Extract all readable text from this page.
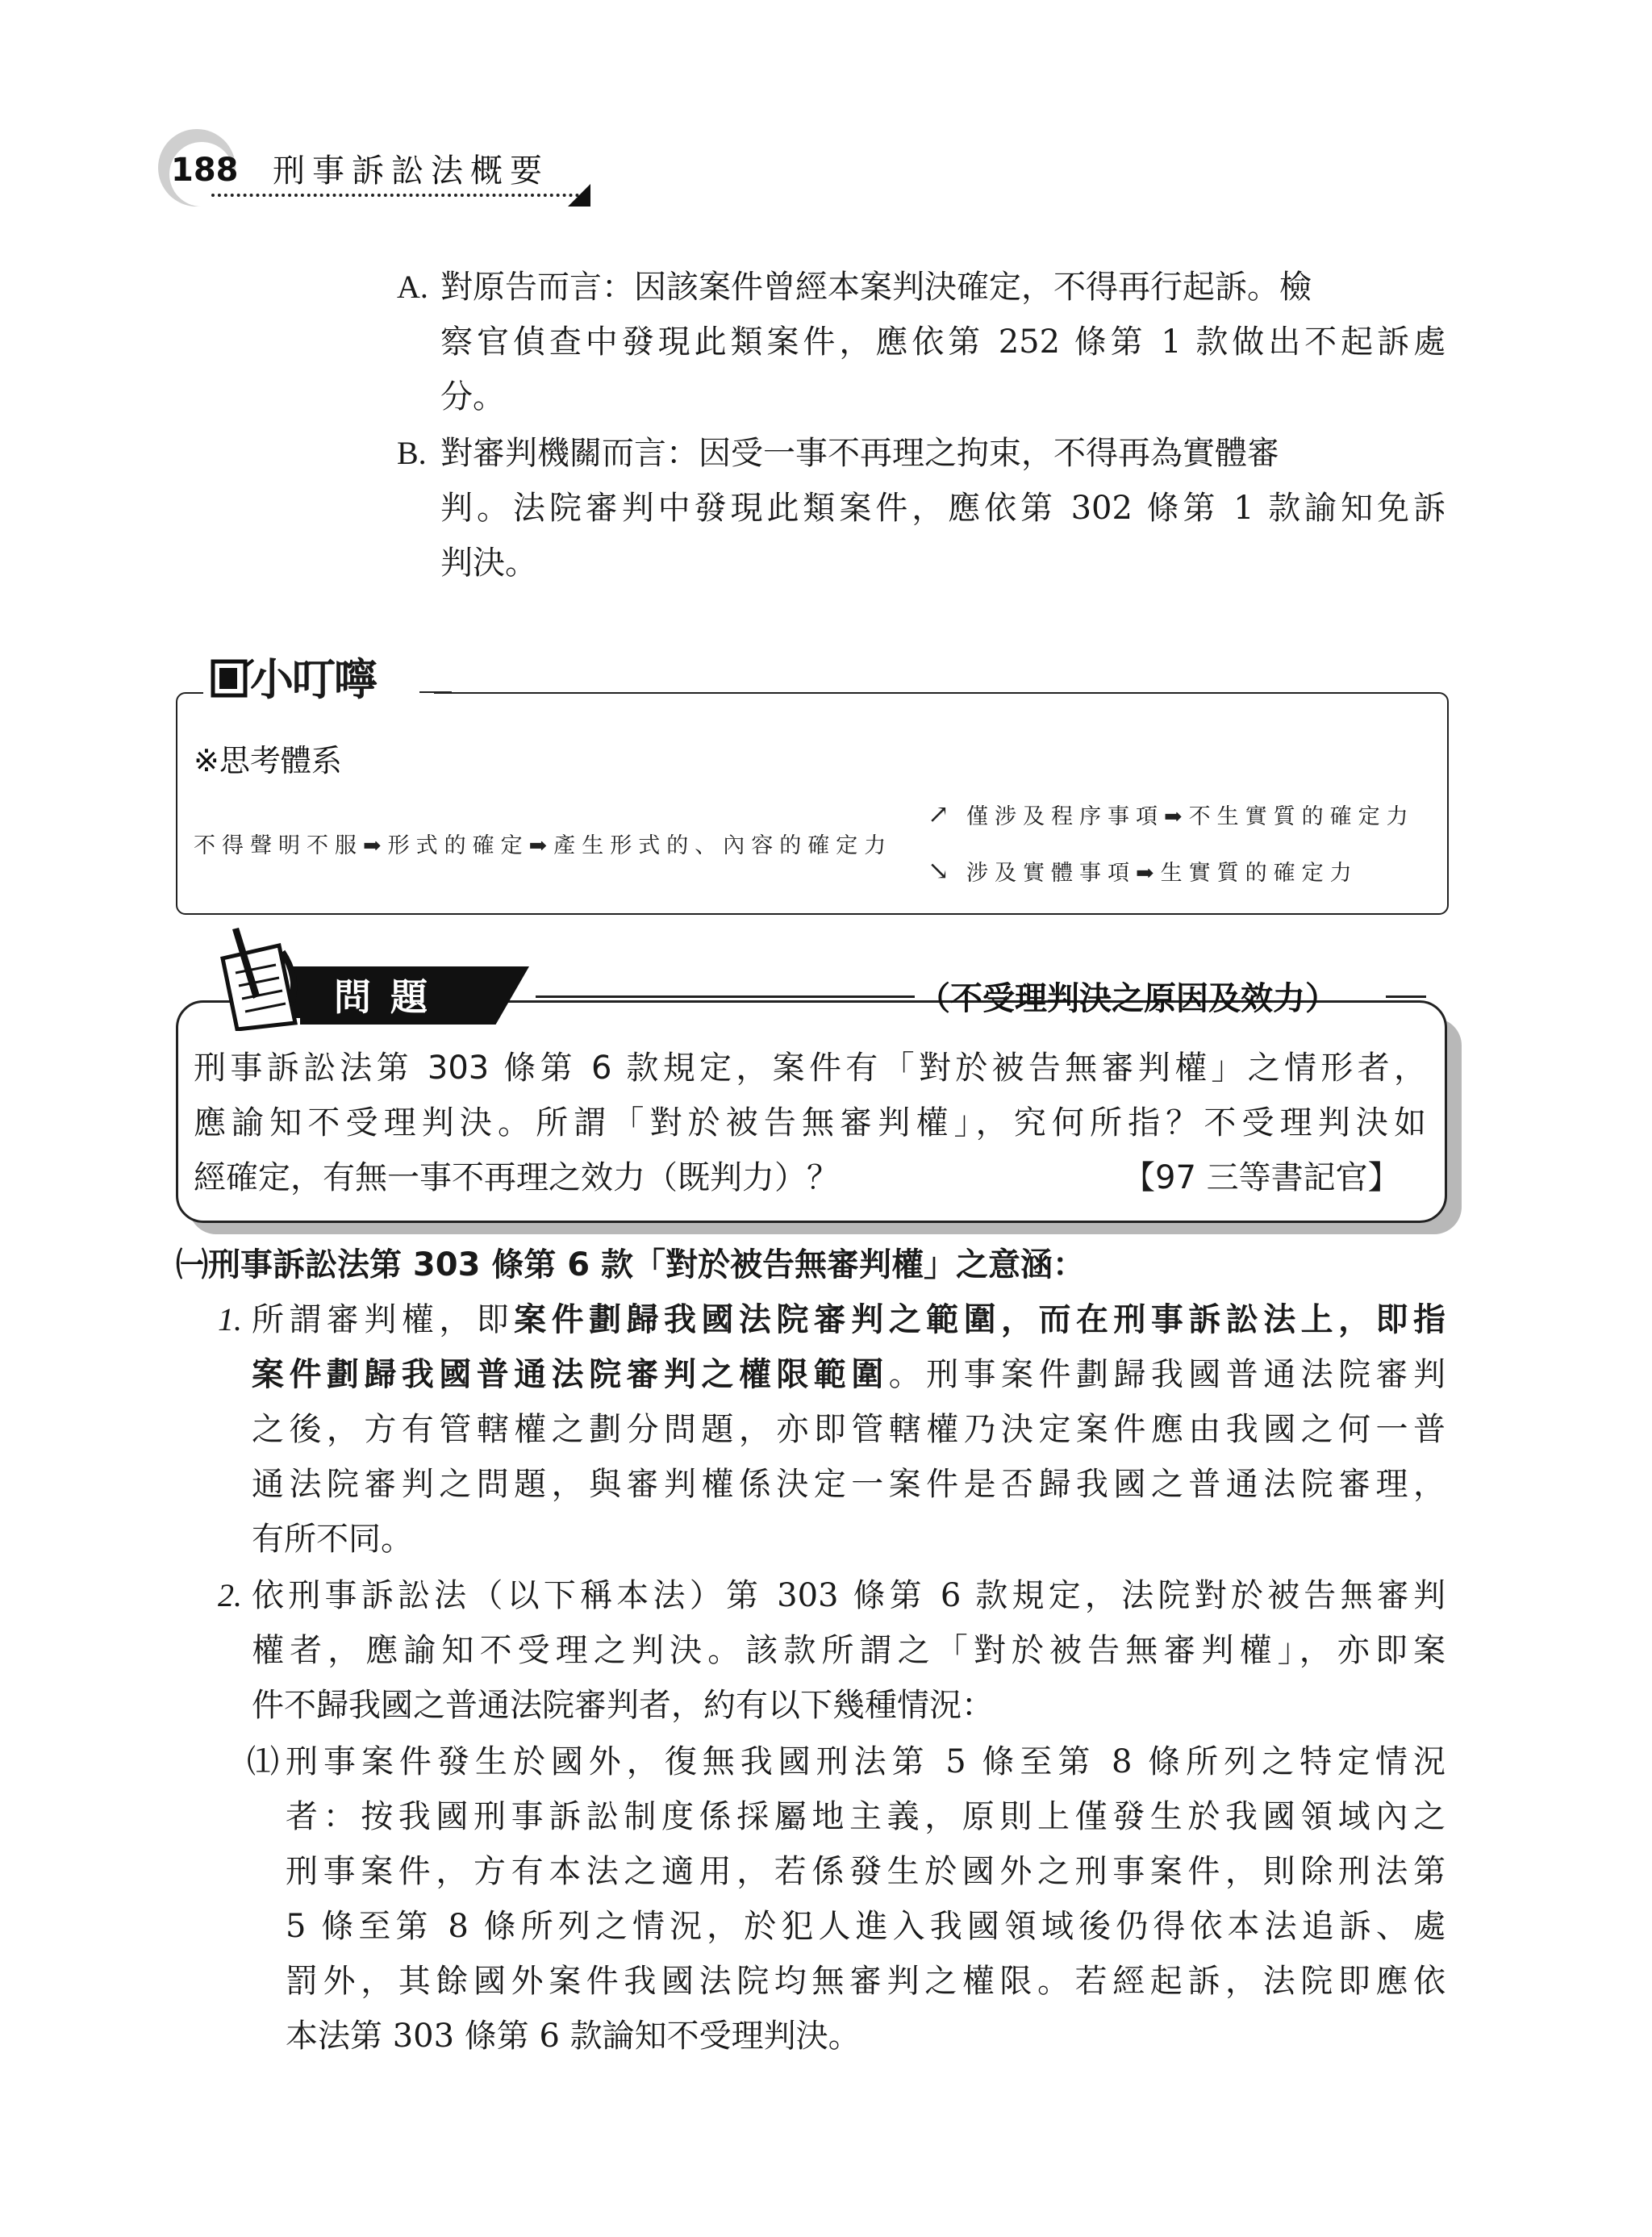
188 刑事訴訟法概要
A. 對原告而言：因該案件曾經本案判決確定，不得再行起訴。檢
察官偵查中發現此類案件，應依第 252 條第 1 款做出不起訴處
分。
B. 對審判機關而言：因受一事不再理之拘束，不得再為實體審
判。法院審判中發現此類案件，應依第 302 條第 1 款諭知免訴
判決。
小叮嚀
※思考體系
不得聲明不服➡形式的確定➡產生形式的、內容的確定力
↗
↘
僅涉及程序事項➡不生實質的確定力
涉及實體事項➡生實質的確定力
問題	（不受理判決之原因及效力）
刑事訴訟法第 303 條第 6 款規定，案件有「對於被告無審判權」之情形者，
應諭知不受理判決。所謂「對於被告無審判權」，究何所指？不受理判決如
經確定，有無一事不再理之效力（既判力）？	【97 三等書記官】
㈠刑事訴訟法第 303 條第 6 款「對於被告無審判權」之意涵：
1. 所謂審判權，即案件劃歸我國法院審判之範圍，而在刑事訴訟法上，即指
案件劃歸我國普通法院審判之權限範圍。刑事案件劃歸我國普通法院審判
之後，方有管轄權之劃分問題，亦即管轄權乃決定案件應由我國之何一普
通法院審判之問題，與審判權係決定一案件是否歸我國之普通法院審理，
有所不同。
2. 依刑事訴訟法（以下稱本法）第 303 條第 6 款規定，法院對於被告無審判
權者，應諭知不受理之判決。該款所謂之「對於被告無審判權」，亦即案
件不歸我國之普通法院審判者，約有以下幾種情況：
⑴ 刑事案件發生於國外，復無我國刑法第 5 條至第 8 條所列之特定情況
者：按我國刑事訴訟制度係採屬地主義，原則上僅發生於我國領域內之
刑事案件，方有本法之適用，若係發生於國外之刑事案件，則除刑法第
5 條至第 8 條所列之情況，於犯人進入我國領域後仍得依本法追訴、處
罰外，其餘國外案件我國法院均無審判之權限。若經起訴，法院即應依
本法第 303 條第 6 款論知不受理判決。
